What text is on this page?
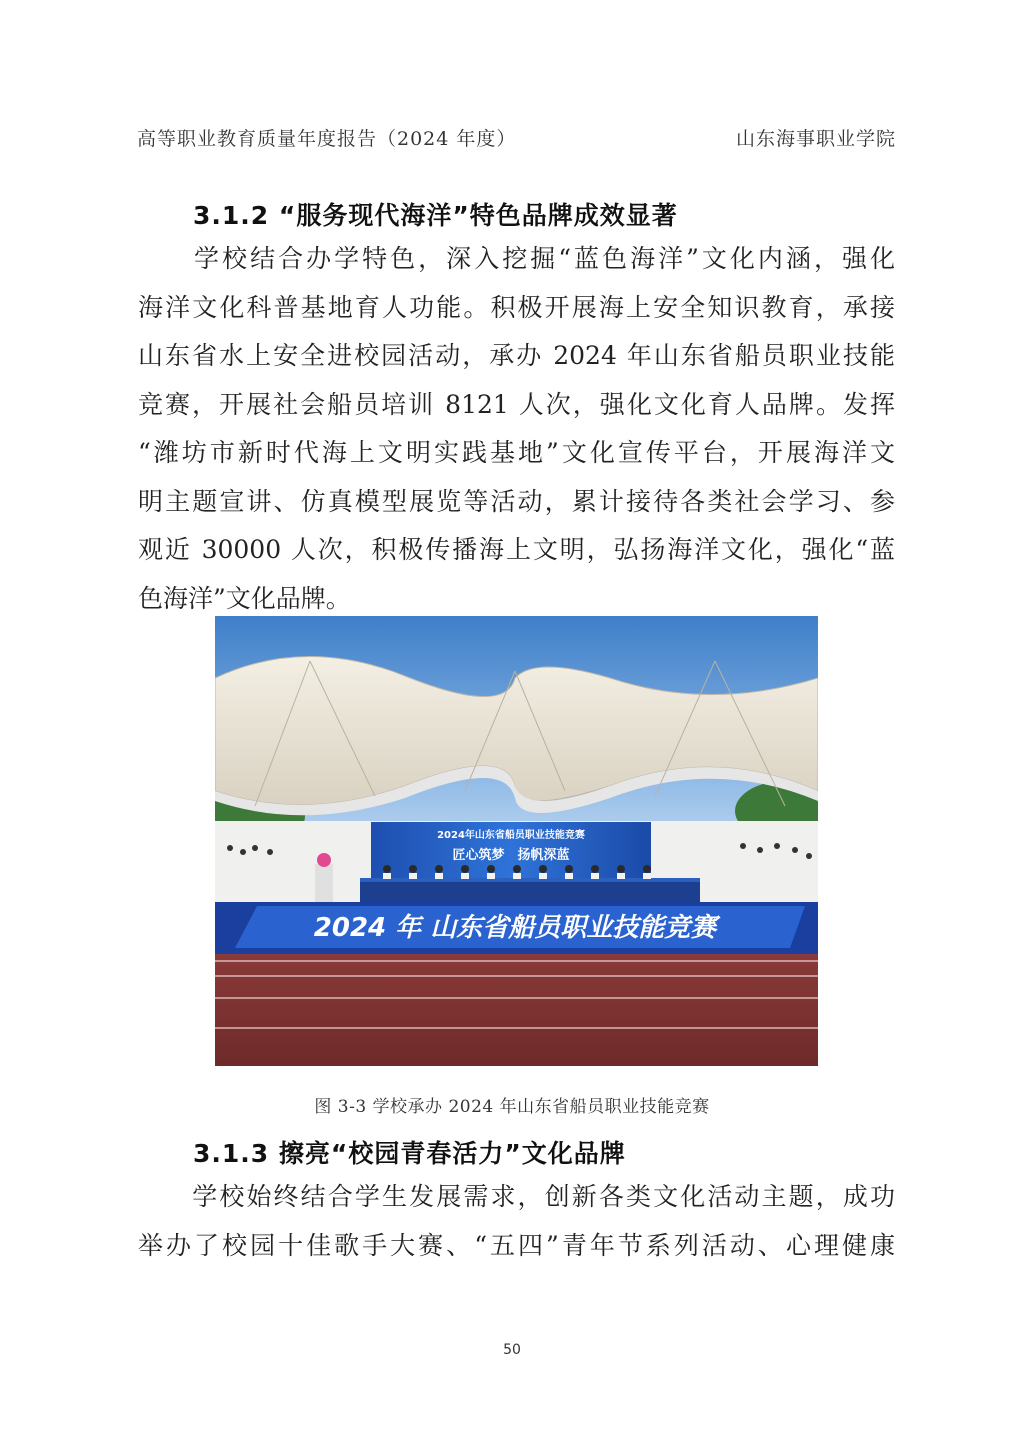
高等职业教育质量年度报告（2024 年度）	山东海事职业学院
3.1.2 “服务现代海洋”特色品牌成效显著
　　学校结合办学特色，深入挖掘“蓝色海洋”文化内涵，强化
海洋文化科普基地育人功能。积极开展海上安全知识教育，承接
山东省水上安全进校园活动，承办 2024 年山东省船员职业技能
竞赛，开展社会船员培训 8121 人次，强化文化育人品牌。发挥
“潍坊市新时代海上文明实践基地”文化宣传平台，开展海洋文
明主题宣讲、仿真模型展览等活动，累计接待各类社会学习、参
观近 30000 人次，积极传播海上文明，弘扬海洋文化，强化“蓝
色海洋”文化品牌。
2024年山东省船员职业技能竞赛
匠心筑梦　扬帆深蓝
2024 年 山东省船员职业技能竞赛
图 3-3 学校承办 2024 年山东省船员职业技能竞赛
3.1.3 擦亮“校园青春活力”文化品牌
　　学校始终结合学生发展需求，创新各类文化活动主题，成功
举办了校园十佳歌手大赛、“五四”青年节系列活动、心理健康
50
